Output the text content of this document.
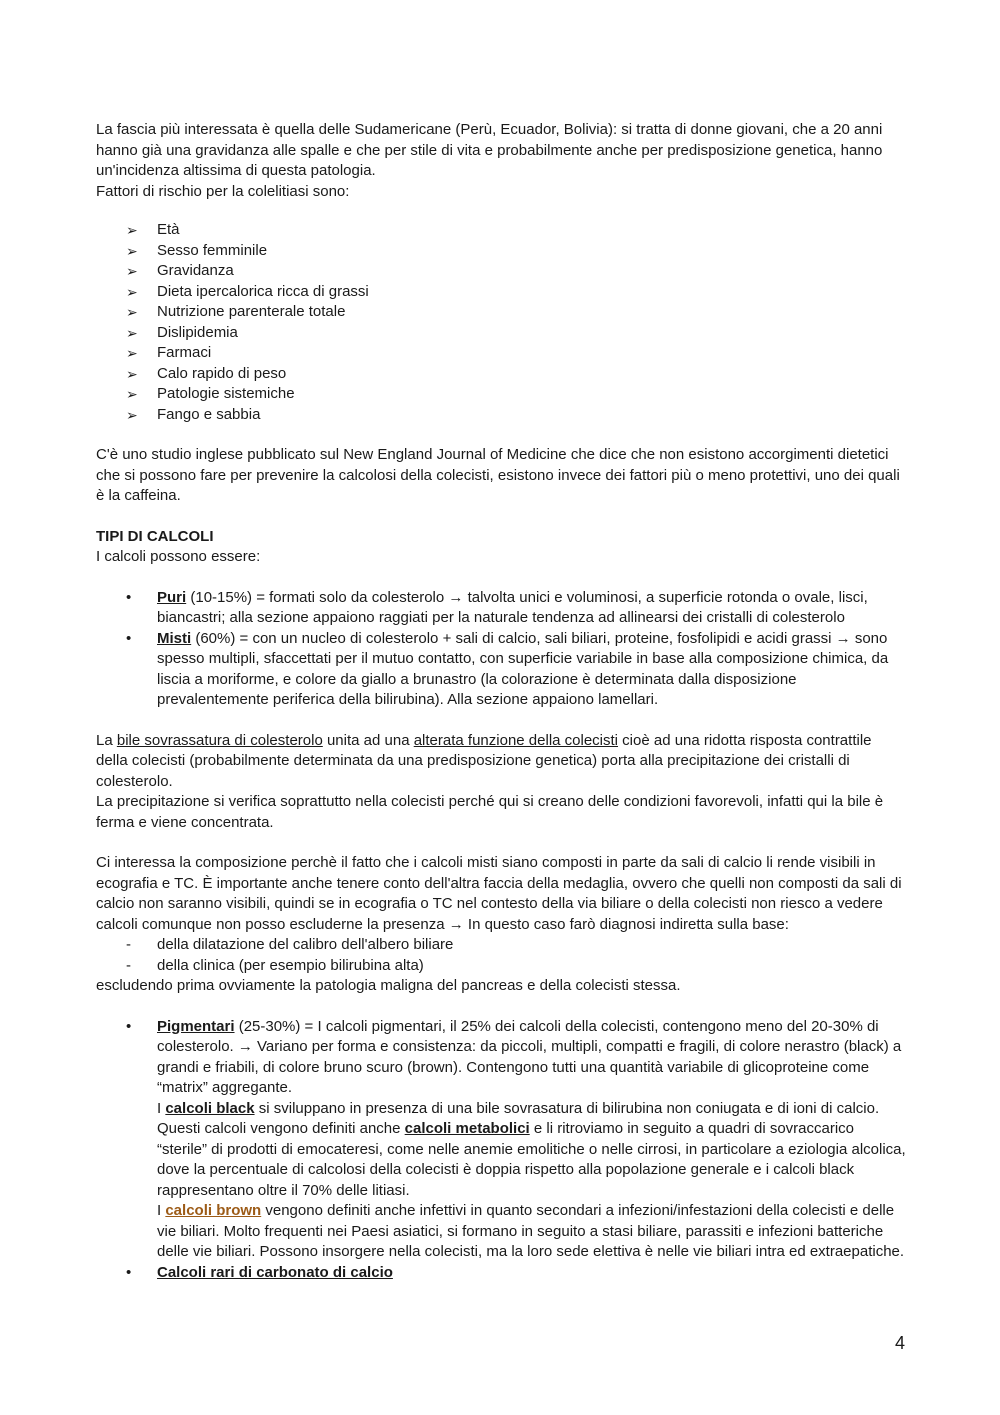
La fascia più interessata è quella delle Sudamericane (Perù, Ecuador, Bolivia): si tratta di donne giovani, che a 20 anni hanno già una gravidanza alle spalle e che per stile di vita e probabilmente anche per predisposizione genetica, hanno un'incidenza altissima di questa patologia.

Fattori di rischio per la colelitiasi sono:

➢ Età
➢ Sesso femminile
➢ Gravidanza
➢ Dieta ipercalorica ricca di grassi
➢ Nutrizione parenterale totale
➢ Dislipidemia
➢ Farmaci
➢ Calo rapido di peso
➢ Patologie sistemiche
➢ Fango e sabbia

C'è uno studio inglese pubblicato sul New England Journal of Medicine che dice che non esistono accorgimenti dietetici che si possono fare per prevenire la calcolosi della colecisti, esistono invece dei fattori più o meno protettivi, uno dei quali è la caffeina.

TIPI DI CALCOLI

I calcoli possono essere:

• Puri (10-15%) = formati solo da colesterolo → talvolta unici e voluminosi, a superficie rotonda o ovale, lisci, biancastri; alla sezione appaiono raggiati per la naturale tendenza ad allinearsi dei cristalli di colesterolo
• Misti (60%) = con un nucleo di colesterolo + sali di calcio, sali biliari, proteine, fosfolipidi e acidi grassi → sono spesso multipli, sfaccettati per il mutuo contatto, con superficie variabile in base alla composizione chimica, da liscia a moriforme, e colore da giallo a brunastro (la colorazione è determinata dalla disposizione prevalentemente periferica della bilirubina). Alla sezione appaiono lamellari.

La bile sovrassatura di colesterolo unita ad una alterata funzione della colecisti cioè ad una ridotta risposta contrattile della colecisti (probabilmente determinata da una predisposizione genetica) porta alla precipitazione dei cristalli di colesterolo.

La precipitazione si verifica soprattutto nella colecisti perché qui si creano delle condizioni favorevoli, infatti qui la bile è ferma e viene concentrata.

Ci interessa la composizione perchè il fatto che i calcoli misti siano composti in parte da sali di calcio li rende visibili in ecografia e TC. È importante anche tenere conto dell'altra faccia della medaglia, ovvero che quelli non composti da sali di calcio non saranno visibili, quindi se in ecografia o TC nel contesto della via biliare o della colecisti non riesco a vedere calcoli comunque non posso escluderne la presenza → In questo caso farò diagnosi indiretta sulla base:

- della dilatazione del calibro dell'albero biliare
- della clinica (per esempio bilirubina alta)

escludendo prima ovviamente la patologia maligna del pancreas e della colecisti stessa.

• Pigmentari (25-30%) = I calcoli pigmentari, il 25% dei calcoli della colecisti, contengono meno del 20-30% di colesterolo. → Variano per forma e consistenza: da piccoli, multipli, compatti e fragili, di colore nerastro (black) a grandi e friabili, di colore bruno scuro (brown). Contengono tutti una quantità variabile di glicoproteine come “matrix” aggregante.

I calcoli black si sviluppano in presenza di una bile sovrasatura di bilirubina non coniugata e di ioni di calcio. Questi calcoli vengono definiti anche calcoli metabolici e li ritroviamo in seguito a quadri di sovraccarico “sterile” di prodotti di emocateresi, come nelle anemie emolitiche o nelle cirrosi, in particolare a eziologia alcolica, dove la percentuale di calcolosi della colecisti è doppia rispetto alla popolazione generale e i calcoli black rappresentano oltre il 70% delle litiasi.

I calcoli brown vengono definiti anche infettivi in quanto secondari a infezioni/infestazioni della colecisti e delle vie biliari. Molto frequenti nei Paesi asiatici, si formano in seguito a stasi biliare, parassiti e infezioni batteriche delle vie biliari. Possono insorgere nella colecisti, ma la loro sede elettiva è nelle vie biliari intra ed extraepatiche.

• Calcoli rari di carbonato di calcio
4
